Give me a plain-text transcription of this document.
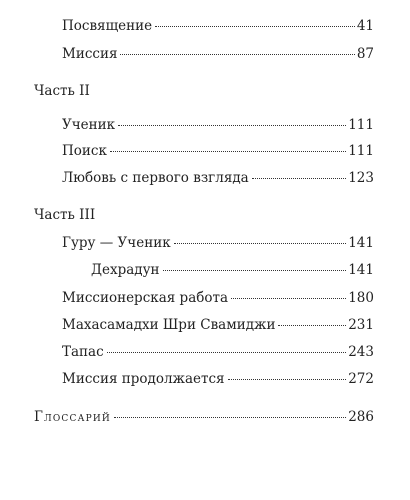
Посвящение	41
Миссия	87
Часть II
Ученик	111
Поиск	111
Любовь с первого взгляда	123
Часть III
Гуру — Ученик	141
Дехрадун	141
Миссионерская работа	180
Махасамадхи Шри Свамиджи	231
Тапас	243
Миссия продолжается	272
Глоссарий	286
